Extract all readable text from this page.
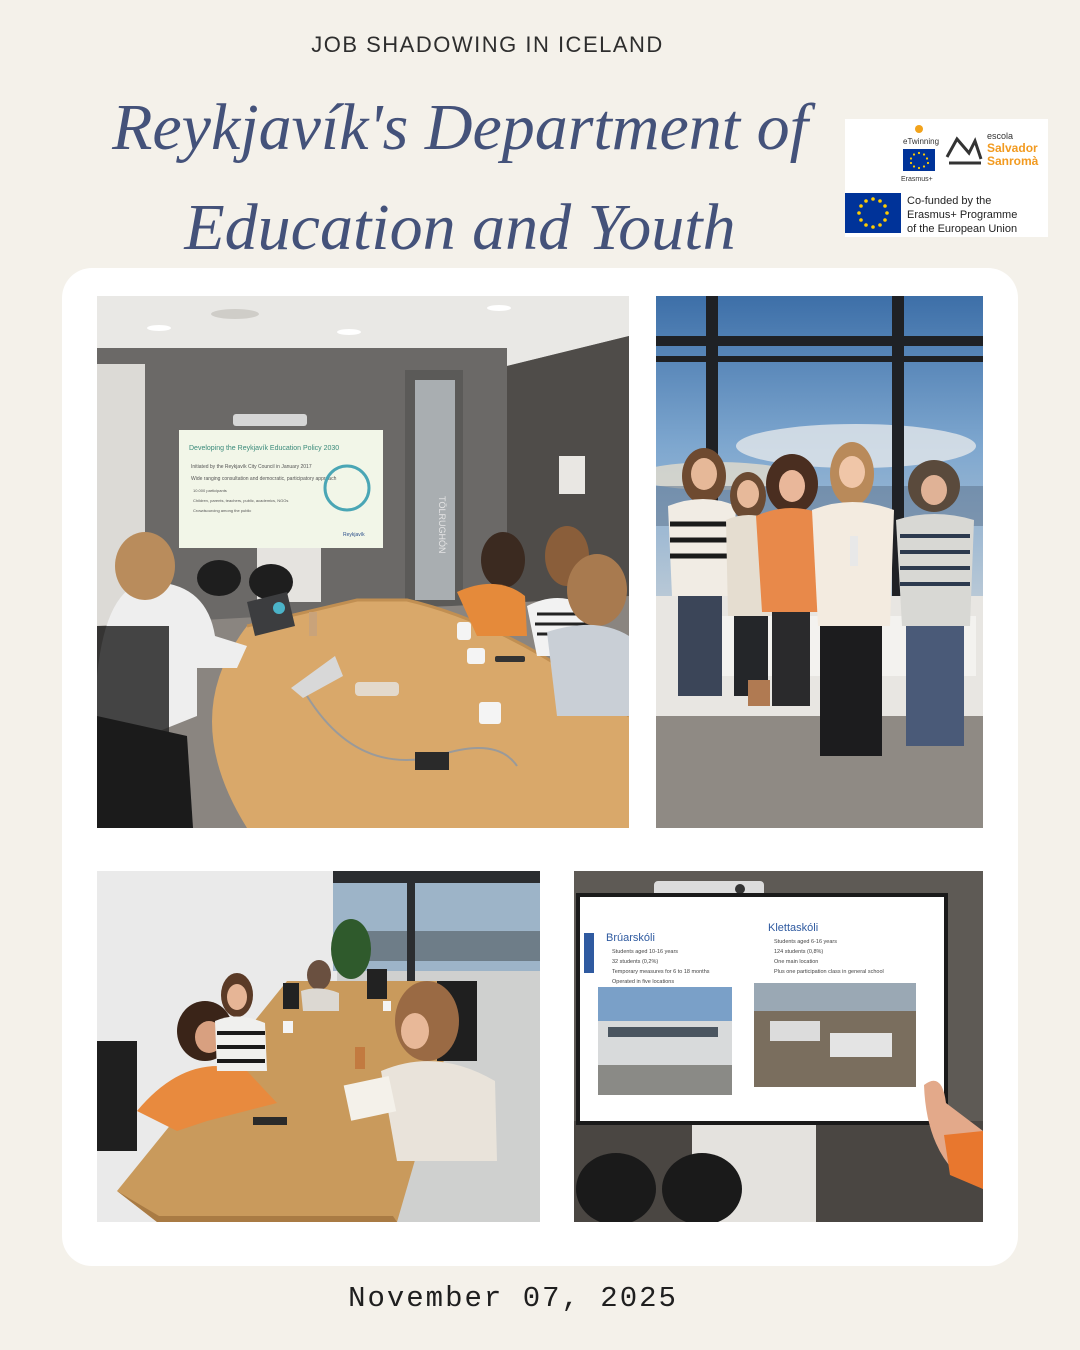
JOB SHADOWING IN ICELAND
Reykjavík's Department of
Education and Youth
eTwinning
Erasmus+
escola
Salvador
Sanromà
Co-funded by the
Erasmus+ Programme
of the European Union
TÖLRUGHÓN
Developing the Reykjavík Education Policy 2030
Initiated by the Reykjavík City Council in January 2017
Wide ranging consultation and democratic, participatory approach
10.000 participants
Children, parents, teachers, public, academics, NGOs
Crowdsourcing among the public
Reykjavík
Brúarskóli
Students aged 10-16 years
32 students (0,2%)
Temporary measures for 6 to 18 months
Operated in five locations
Klettaskóli
Students aged 6-16 years
124 students (0,8%)
One main location
Plus one participation class in general school
November 07, 2025
